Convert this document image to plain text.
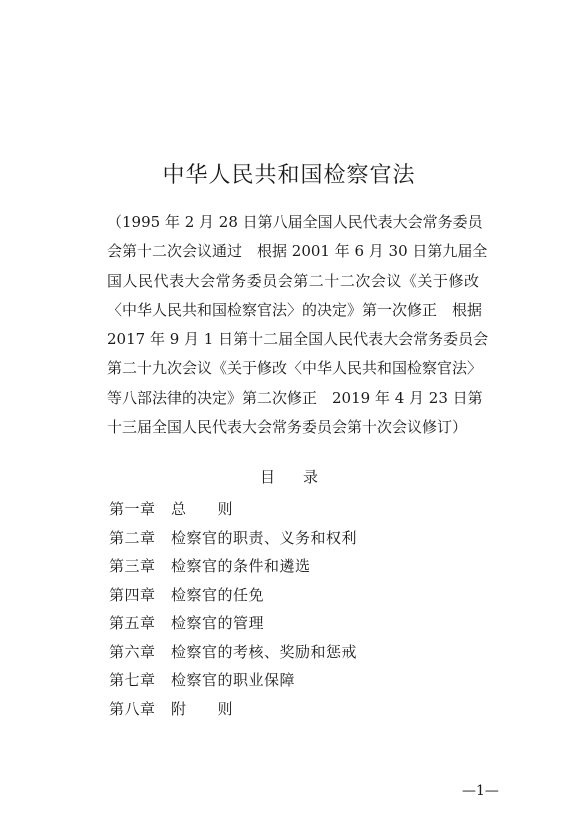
中华人民共和国检察官法
（1995 年 2 月 28 日第八届全国人民代表大会常务委员
会第十二次会议通过　根据 2001 年 6 月 30 日第九届全
国人民代表大会常务委员会第二十二次会议《关于修改
〈中华人民共和国检察官法〉的决定》第一次修正　根据
2017 年 9 月 1 日第十二届全国人民代表大会常务委员会
第二十九次会议《关于修改〈中华人民共和国检察官法〉
等八部法律的决定》第二次修正　2019 年 4 月 23 日第
十三届全国人民代表大会常务委员会第十次会议修订）
目录
第一章	总　　则
第二章	检察官的职责、义务和权利
第三章	检察官的条件和遴选
第四章	检察官的任免
第五章	检察官的管理
第六章	检察官的考核、奖励和惩戒
第七章	检察官的职业保障
第八章	附　　则
—1—
